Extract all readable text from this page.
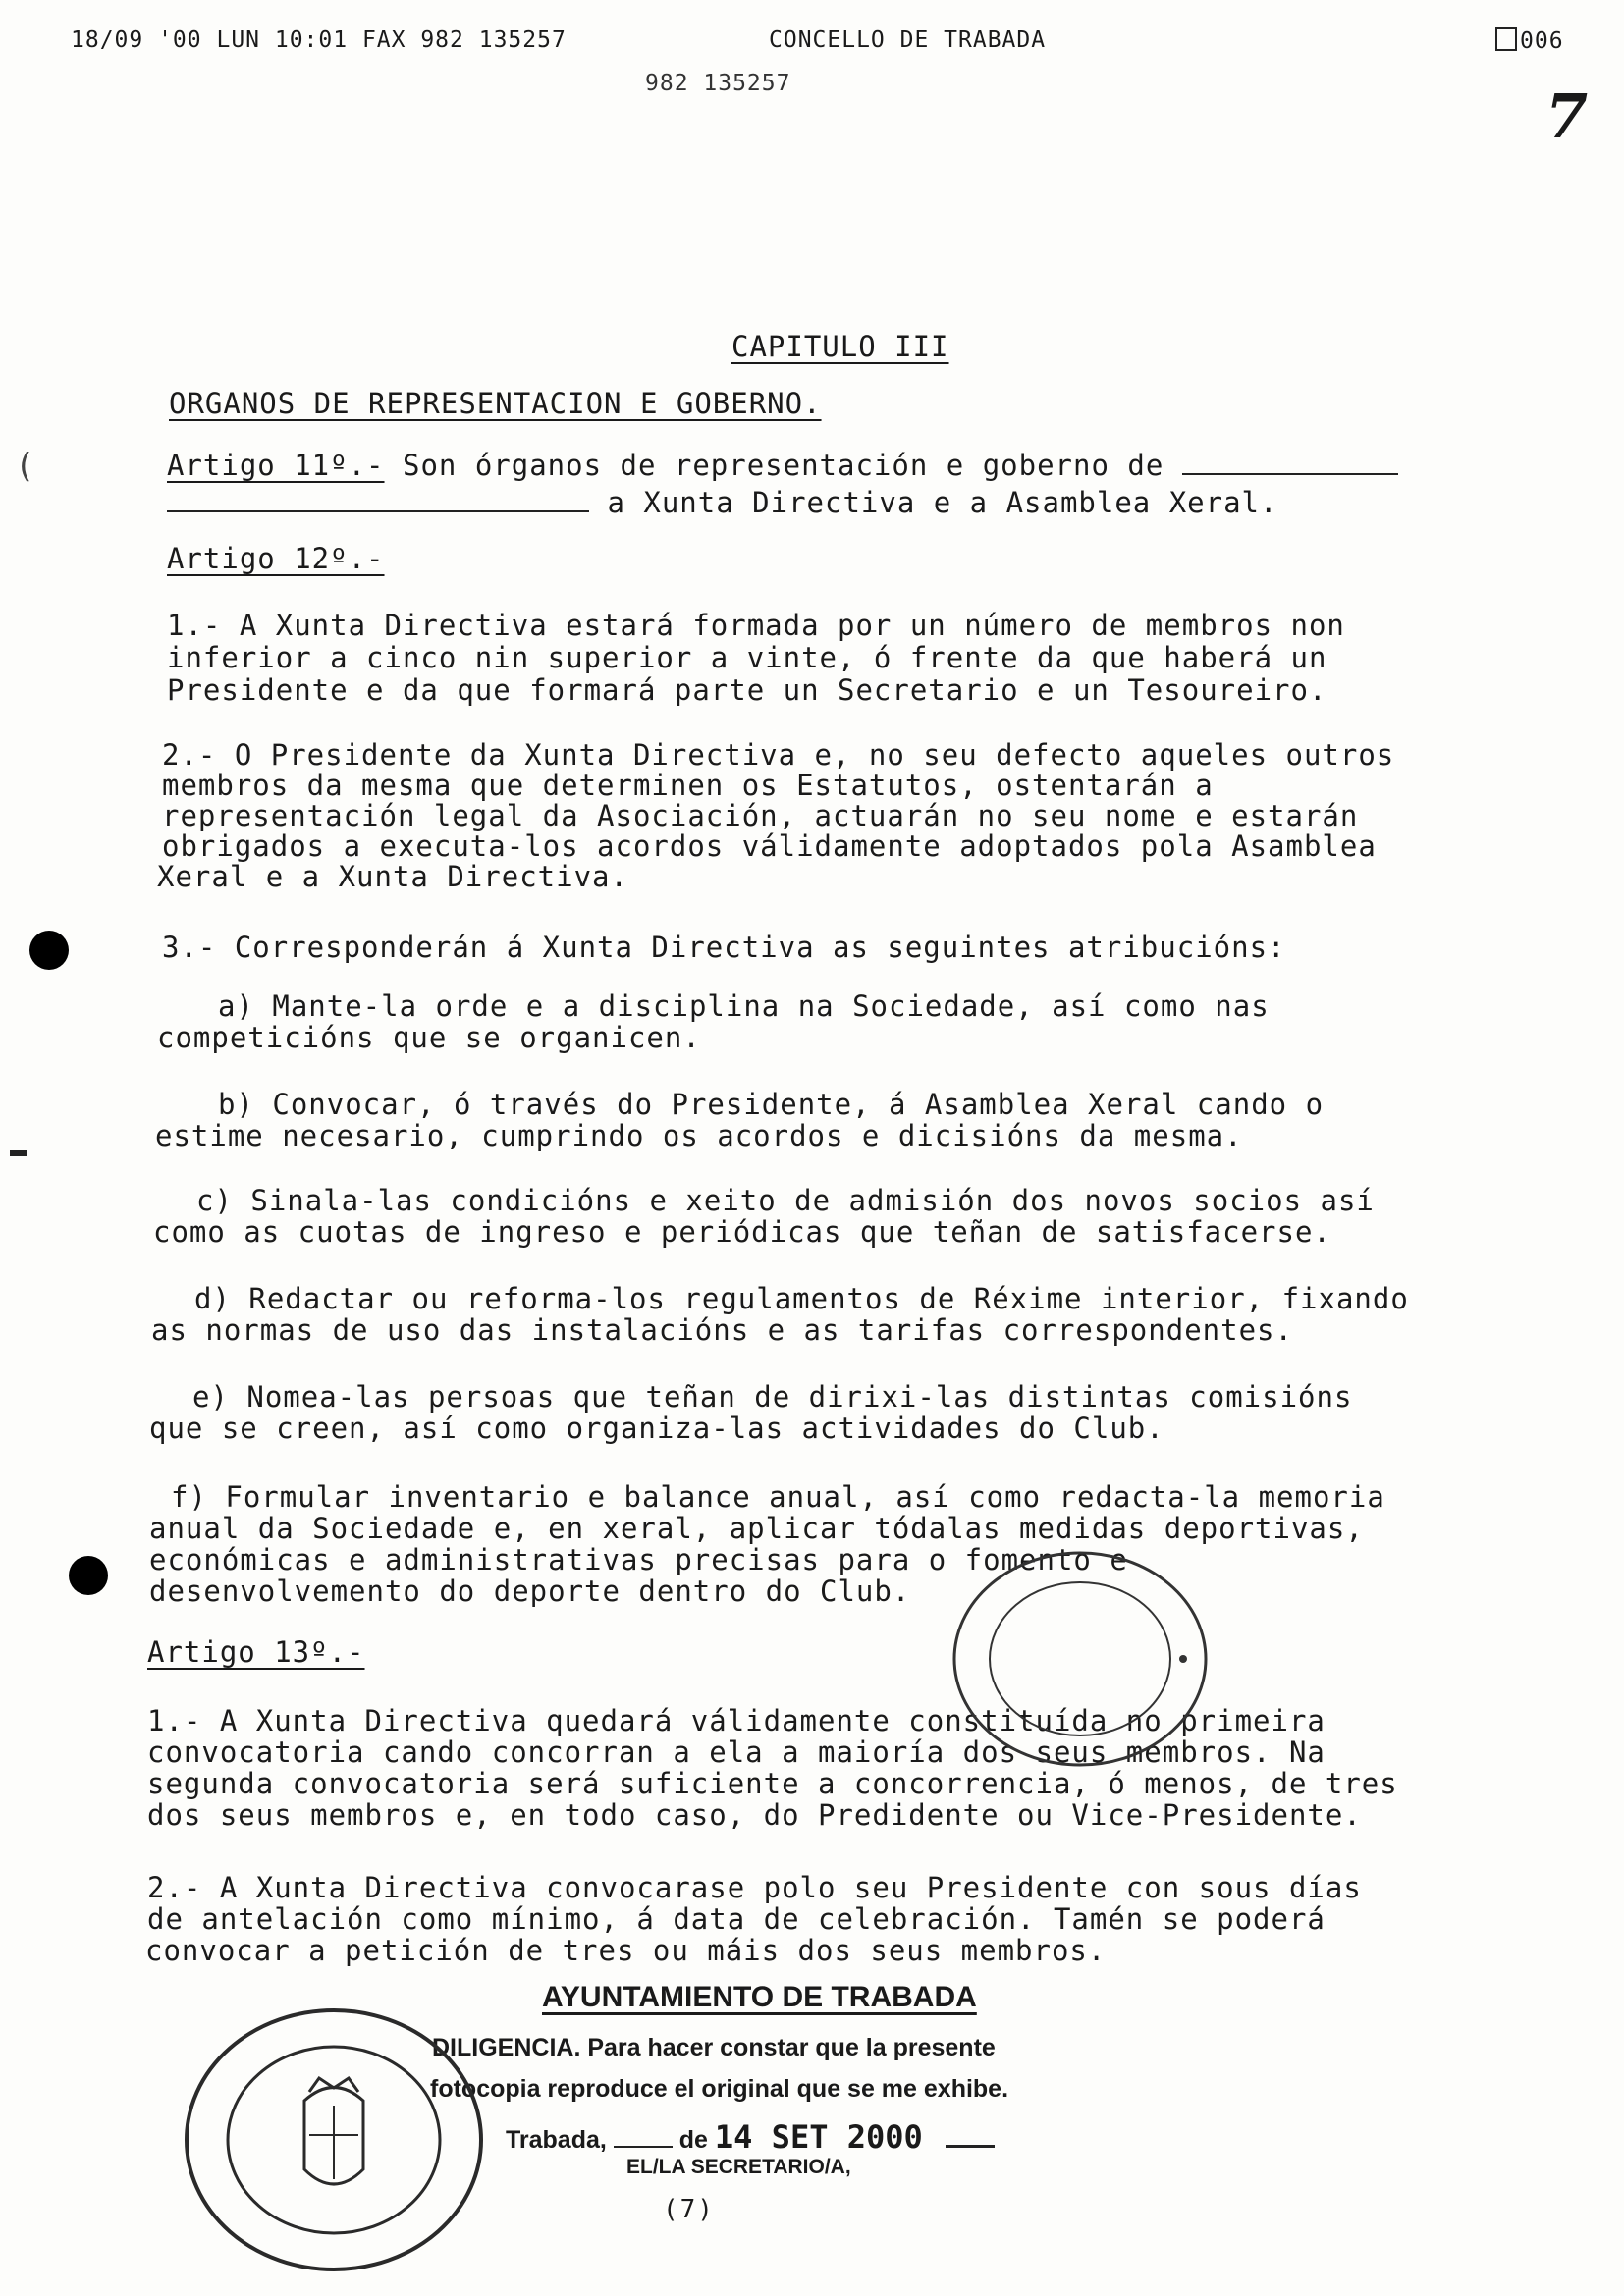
18/09 '00 LUN 10:01 FAX 982 135257	CONCELLO DE TRABADA	006
982 135257	7
CAPITULO III
ORGANOS DE REPRESENTACION E GOBERNO.
Artigo 11º.- Son órganos de representación e goberno de
a Xunta Directiva e a Asamblea Xeral.
Artigo 12º.-
1.- A Xunta Directiva estará formada por un número de membros non
inferior a cinco nin superior a vinte, ó frente da que haberá un
Presidente e da que formará parte un Secretario e un Tesoureiro.
2.- O Presidente da Xunta Directiva e, no seu defecto aqueles outros
membros da mesma que determinen os Estatutos, ostentarán a
representación legal da Asociación, actuarán no seu nome e estarán
obrigados a executa-los acordos válidamente adoptados pola Asamblea
Xeral e a Xunta Directiva.
3.- Corresponderán á Xunta Directiva as seguintes atribucións:
a) Mante-la orde e a disciplina na Sociedade, así como nas
competicións que se organicen.
b) Convocar, ó través do Presidente, á Asamblea Xeral cando o
estime necesario, cumprindo os acordos e dicisións da mesma.
c) Sinala-las condicións e xeito de admisión dos novos socios así
como as cuotas de ingreso e periódicas que teñan de satisfacerse.
d) Redactar ou reforma-los regulamentos de Réxime interior, fixando
as normas de uso das instalacións e as tarifas correspondentes.
e) Nomea-las persoas que teñan de dirixi-las distintas comisións
que se creen, así como organiza-las actividades do Club.
f) Formular inventario e balance anual, así como redacta-la memoria
anual da Sociedade e, en xeral, aplicar tódalas medidas deportivas,
económicas e administrativas precisas para o fomento e
desenvolvemento do deporte dentro do Club.
Artigo 13º.-
1.- A Xunta Directiva quedará válidamente constituída no primeira
convocatoria cando concorran a ela a maioría dos seus membros. Na
segunda convocatoria será suficiente a concorrencia, ó menos, de tres
dos seus membros e, en todo caso, do Predidente ou Vice-Presidente.
2.- A Xunta Directiva convocarase polo seu Presidente con sous días
de antelación como mínimo, á data de celebración. Tamén se poderá
convocar a petición de tres ou máis dos seus membros.
AYUNTAMIENTO DE TRABADA
DILIGENCIA. Para hacer constar que la presente
fotocopia reproduce el original que se me exhibe.
Trabada,	de 14 SET 2000
EL/LA SECRETARIO/A,
(7)
(
